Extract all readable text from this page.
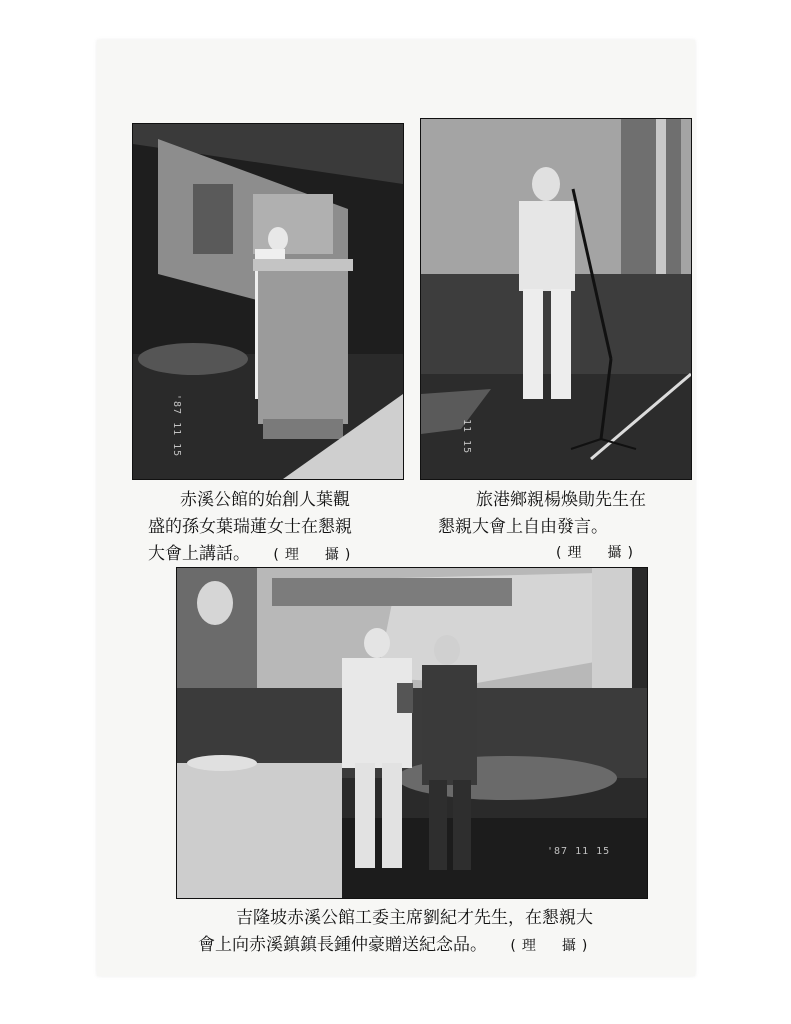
'87 11 15	11 15
赤溪公館的始創人葉觀
盛的孫女葉瑞蓮女士在懇親
大會上講話。 (理　攝)
旅港鄉親楊煥勛先生在
懇親大會上自由發言。
(理　攝)
'87 11 15
吉隆坡赤溪公館工委主席劉紀才先生，在懇親大
會上向赤溪鎮鎮長鍾仲豪贈送紀念品。 (理　攝)
